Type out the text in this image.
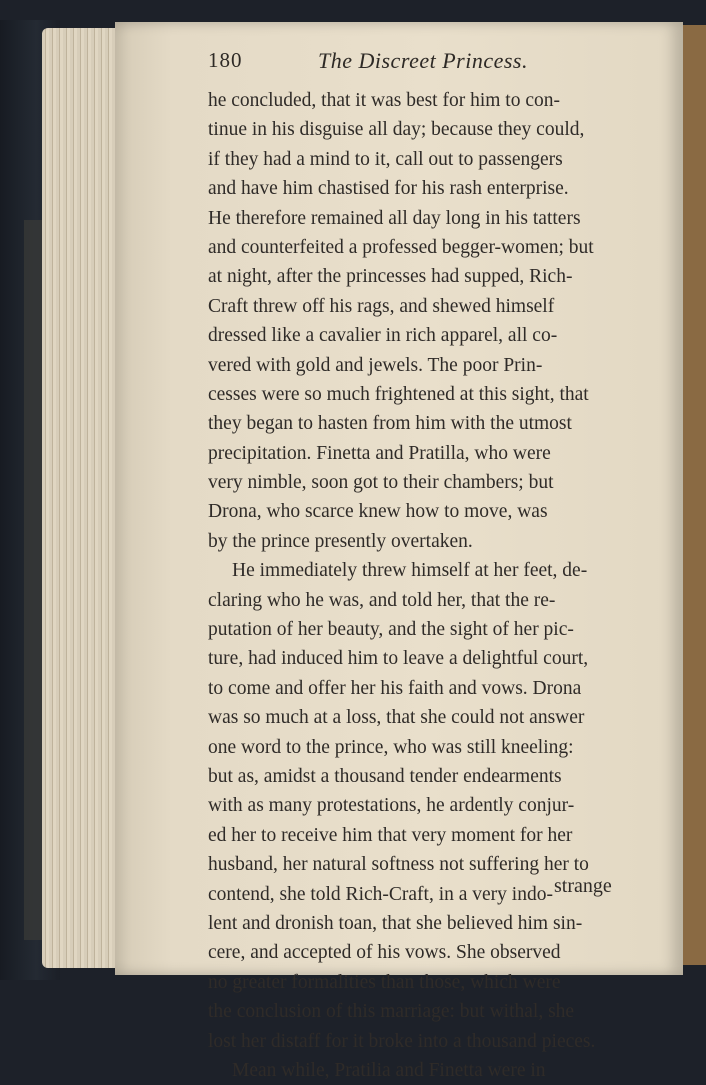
180	The Discreet Princess.
he concluded, that it was best for him to con-
tinue in his disguise all day; because they could,
if they had a mind to it, call out to passengers
and have him chastised for his rash enterprise.
He therefore remained all day long in his tatters
and counterfeited a professed begger-women; but
at night, after the princesses had supped, Rich-
Craft threw off his rags, and shewed himself
dressed like a cavalier in rich apparel, all co-
vered with gold and jewels. The poor Prin-
cesses were so much frightened at this sight, that
they began to hasten from him with the utmost
precipitation. Finetta and Pratilla, who were
very nimble, soon got to their chambers; but
Drona, who scarce knew how to move, was
by the prince presently overtaken.
He immediately threw himself at her feet, de-
claring who he was, and told her, that the re-
putation of her beauty, and the sight of her pic-
ture, had induced him to leave a delightful court,
to come and offer her his faith and vows. Drona
was so much at a loss, that she could not answer
one word to the prince, who was still kneeling:
but as, amidst a thousand tender endearments
with as many protestations, he ardently conjur-
ed her to receive him that very moment for her
husband, her natural softness not suffering her to
contend, she told Rich-Craft, in a very indo-
lent and dronish toan, that she believed him sin-
cere, and accepted of his vows. She observed
no greater formalities than those, which were
the conclusion of this marriage: but withal, she
lost her distaff for it broke into a thousand pieces.
Mean while, Pratilia and Finetta were in
strange
